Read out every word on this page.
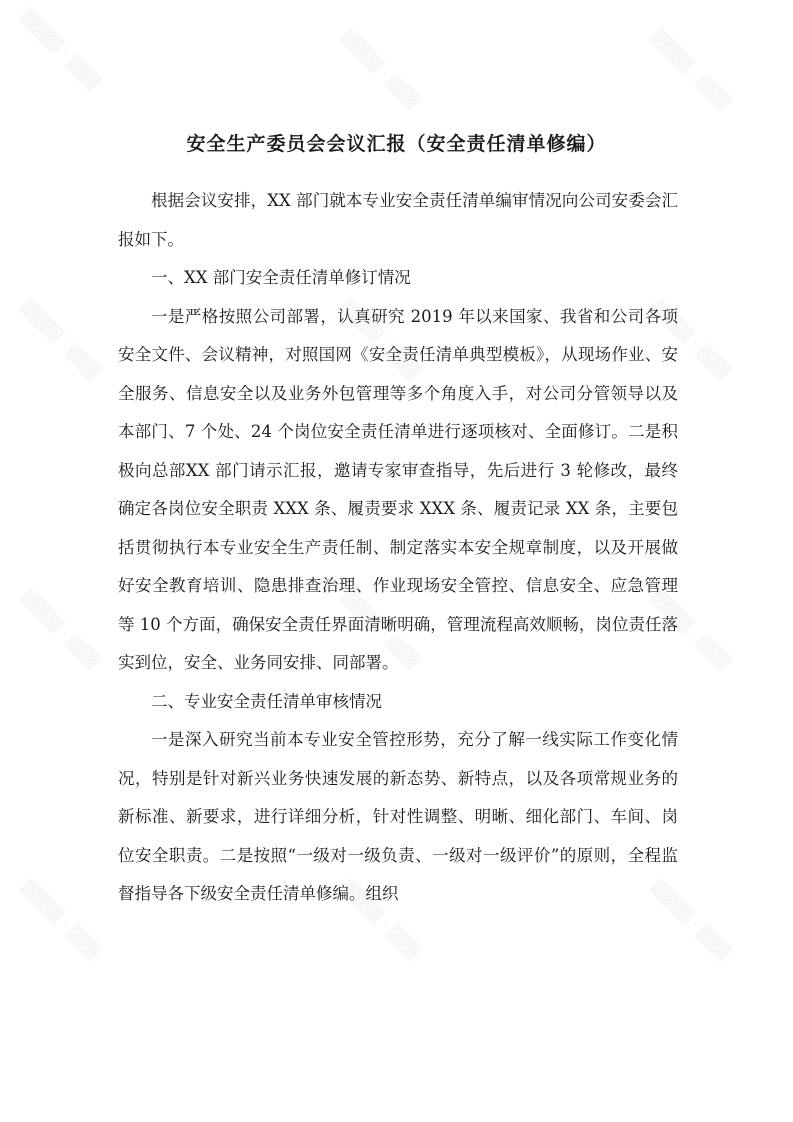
安全生产委员会会议汇报（安全责任清单修编）

根据会议安排，XX 部门就本专业安全责任清单编审情况向公司安委会汇报如下。

一、XX 部门安全责任清单修订情况

一是严格按照公司部署，认真研究 2019 年以来国家、我省和公司各项安全文件、会议精神，对照国网《安全责任清单典型模板》，从现场作业、安全服务、信息安全以及业务外包管理等多个角度入手，对公司分管领导以及本部门、7 个处、24 个岗位安全责任清单进行逐项核对、全面修订。二是积极向总部XX 部门请示汇报，邀请专家审查指导，先后进行 3 轮修改，最终确定各岗位安全职责 XXX 条、履责要求 XXX 条、履责记录 XX 条，主要包括贯彻执行本专业安全生产责任制、制定落实本安全规章制度，以及开展做好安全教育培训、隐患排查治理、作业现场安全管控、信息安全、应急管理等 10 个方面，确保安全责任界面清晰明确，管理流程高效顺畅，岗位责任落实到位，安全、业务同安排、同部署。

二、专业安全责任清单审核情况

一是深入研究当前本专业安全管控形势，充分了解一线实际工作变化情况，特别是针对新兴业务快速发展的新态势、新特点，以及各项常规业务的新标准、新要求，进行详细分析，针对性调整、明晰、细化部门、车间、岗位安全职责。二是按照“一级对一级负责、一级对一级评价”的原则，全程监督指导各下级安全责任清单修编。组织

▒▒▒▒ · ▒▒▒	▒▒▒▒ · ▒▒▒	▒▒▒▒ · ▒▒▒
▒▒▒▒ · ▒▒▒	▒▒▒▒ · ▒▒▒	▒▒▒▒ · ▒▒▒
▒▒▒▒ · ▒▒▒	▒▒▒▒ · ▒▒▒	▒▒▒▒ · ▒▒▒
▒▒▒▒ · ▒▒▒	▒▒▒▒ · ▒▒▒	▒▒▒▒ · ▒▒▒
